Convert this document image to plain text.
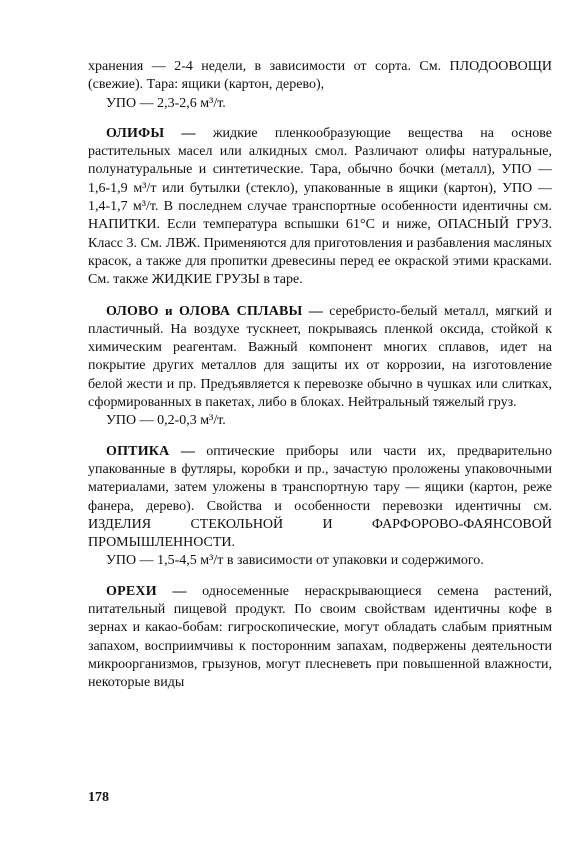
хранения — 2-4 недели, в зависимости от сорта. См. ПЛОДООВОЩИ (свежие). Тара: ящики (картон, дерево),

УПО — 2,3-2,6 м³/т.

ОЛИФЫ — жидкие пленкообразующие вещества на основе растительных масел или алкидных смол. Различают олифы натуральные, полунатуральные и синтетические. Тара, обычно бочки (металл), УПО — 1,6-1,9 м³/т или бутылки (стекло), упакованные в ящики (картон), УПО — 1,4-1,7 м³/т. В последнем случае транспортные особенности идентичны см. НАПИТКИ. Если температура вспышки 61°С и ниже, ОПАСНЫЙ ГРУЗ. Класс 3. См. ЛВЖ. Применяются для приготовления и разбавления масляных красок, а также для пропитки древесины перед ее окраской этими красками. См. также ЖИДКИЕ ГРУЗЫ в таре.

ОЛОВО и ОЛОВА СПЛАВЫ — серебристо-белый металл, мягкий и пластичный. На воздухе тускнеет, покрываясь пленкой оксида, стойкой к химическим реагентам. Важный компонент многих сплавов, идет на покрытие других металлов для защиты их от коррозии, на изготовление белой жести и пр. Предъявляется к перевозке обычно в чушках или слитках, сформированных в пакетах, либо в блоках. Нейтральный тяжелый груз.

УПО — 0,2-0,3 м³/т.

ОПТИКА — оптические приборы или части их, предварительно упакованные в футляры, коробки и пр., зачастую проложены упаковочными материалами, затем уложены в транспортную тару — ящики (картон, реже фанера, дерево). Свойства и особенности перевозки идентичны см. ИЗДЕЛИЯ СТЕКОЛЬНОЙ И ФАРФОРОВО-ФАЯНСОВОЙ ПРОМЫШЛЕННОСТИ.

УПО — 1,5-4,5 м³/т в зависимости от упаковки и содержимого.

ОРЕХИ — односеменные нераскрывающиеся семена растений, питательный пищевой продукт. По своим свойствам идентичны кофе в зернах и какао-бобам: гигроскопические, могут обладать слабым приятным запахом, восприимчивы к посторонним запахам, подвержены деятельности микроорганизмов, грызунов, могут плесневеть при повышенной влажности, некоторые виды

178
